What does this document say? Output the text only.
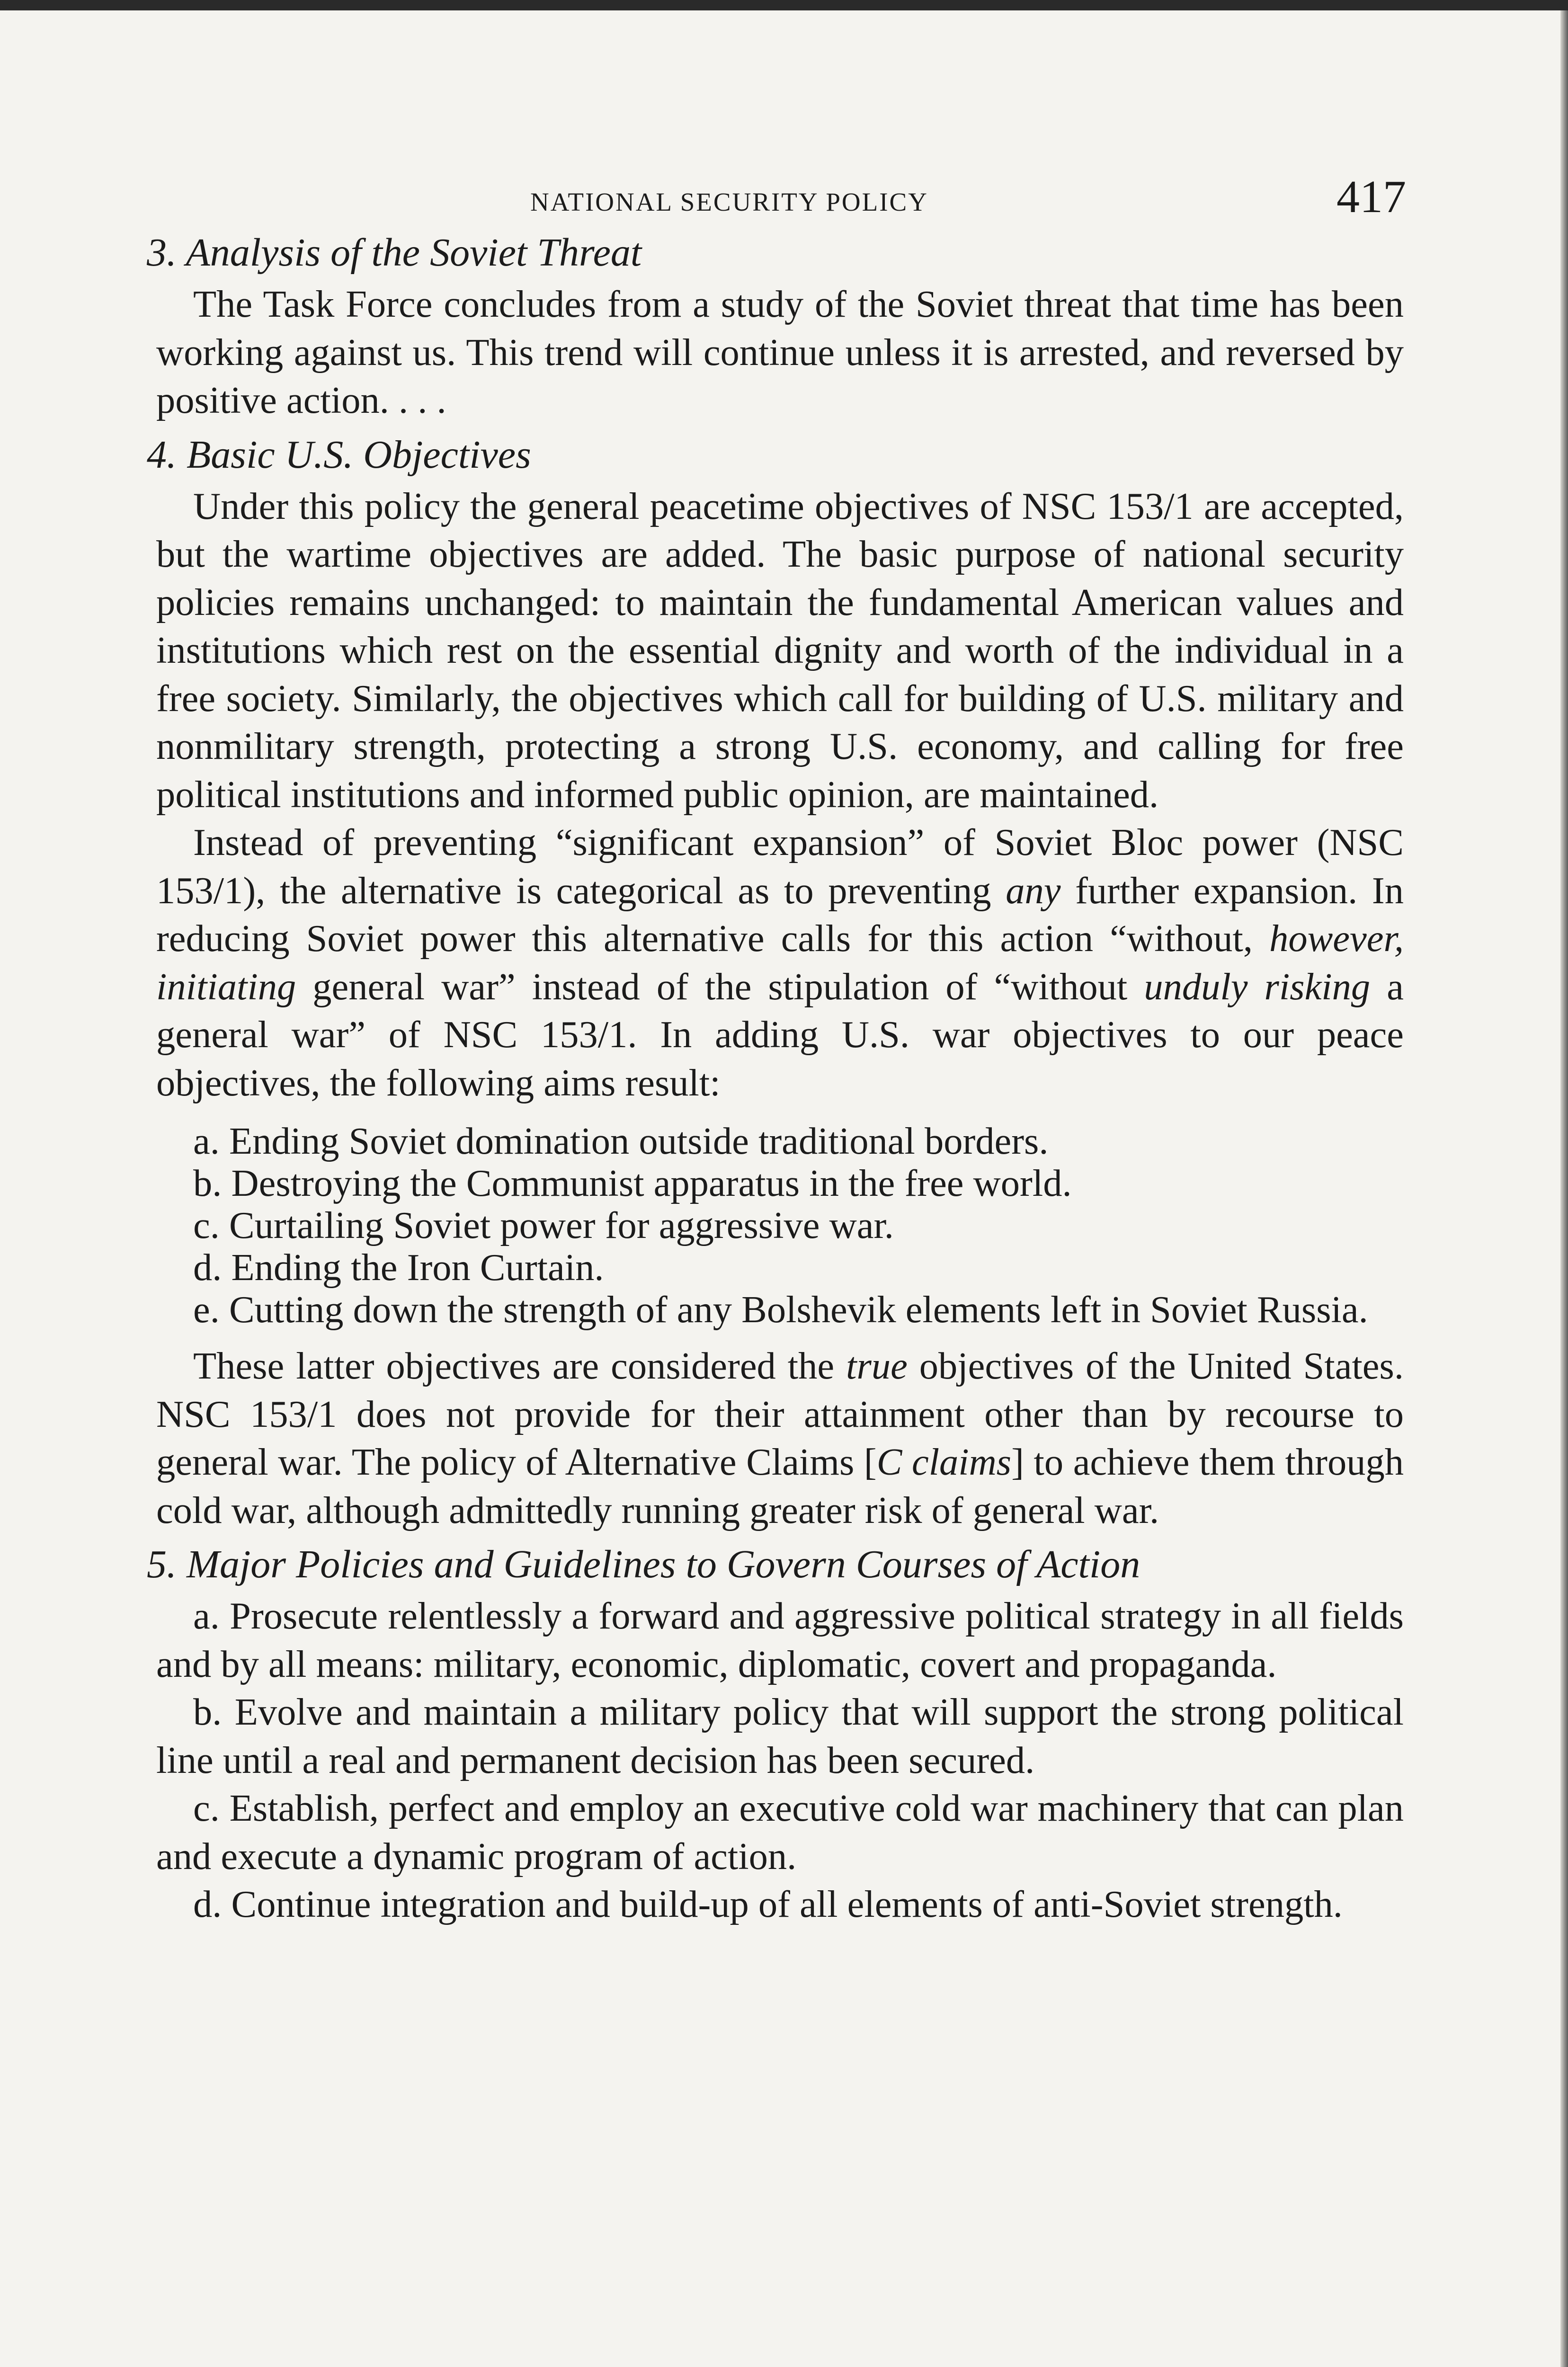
NATIONAL SECURITY POLICY	417
3. Analysis of the Soviet Threat

The Task Force concludes from a study of the Soviet threat that time has been working against us. This trend will continue unless it is arrested, and reversed by positive action. . . .

4. Basic U.S. Objectives

Under this policy the general peacetime objectives of NSC 153/1 are accepted, but the wartime objectives are added. The basic purpose of national security policies remains unchanged: to maintain the fundamental American values and institutions which rest on the essential dignity and worth of the individual in a free society. Similarly, the objectives which call for building of U.S. military and nonmilitary strength, protecting a strong U.S. economy, and calling for free political institutions and informed public opinion, are maintained.

Instead of preventing “significant expansion” of Soviet Bloc power (NSC 153/1), the alternative is categorical as to preventing any further expansion. In reducing Soviet power this alternative calls for this action “without, however, initiating general war” instead of the stipulation of “without unduly risking a general war” of NSC 153/1. In adding U.S. war objectives to our peace objectives, the following aims result:

a. Ending Soviet domination outside traditional borders.
b. Destroying the Communist apparatus in the free world.
c. Curtailing Soviet power for aggressive war.
d. Ending the Iron Curtain.
e. Cutting down the strength of any Bolshevik elements left in Soviet Russia.

These latter objectives are considered the true objectives of the United States. NSC 153/1 does not provide for their attainment other than by recourse to general war. The policy of Alternative Claims [C claims] to achieve them through cold war, although admittedly running greater risk of general war.

5. Major Policies and Guidelines to Govern Courses of Action

a. Prosecute relentlessly a forward and aggressive political strategy in all fields and by all means: military, economic, diplomatic, covert and propaganda.

b. Evolve and maintain a military policy that will support the strong political line until a real and permanent decision has been secured.

c. Establish, perfect and employ an executive cold war machinery that can plan and execute a dynamic program of action.

d. Continue integration and build-up of all elements of anti-Soviet strength.
